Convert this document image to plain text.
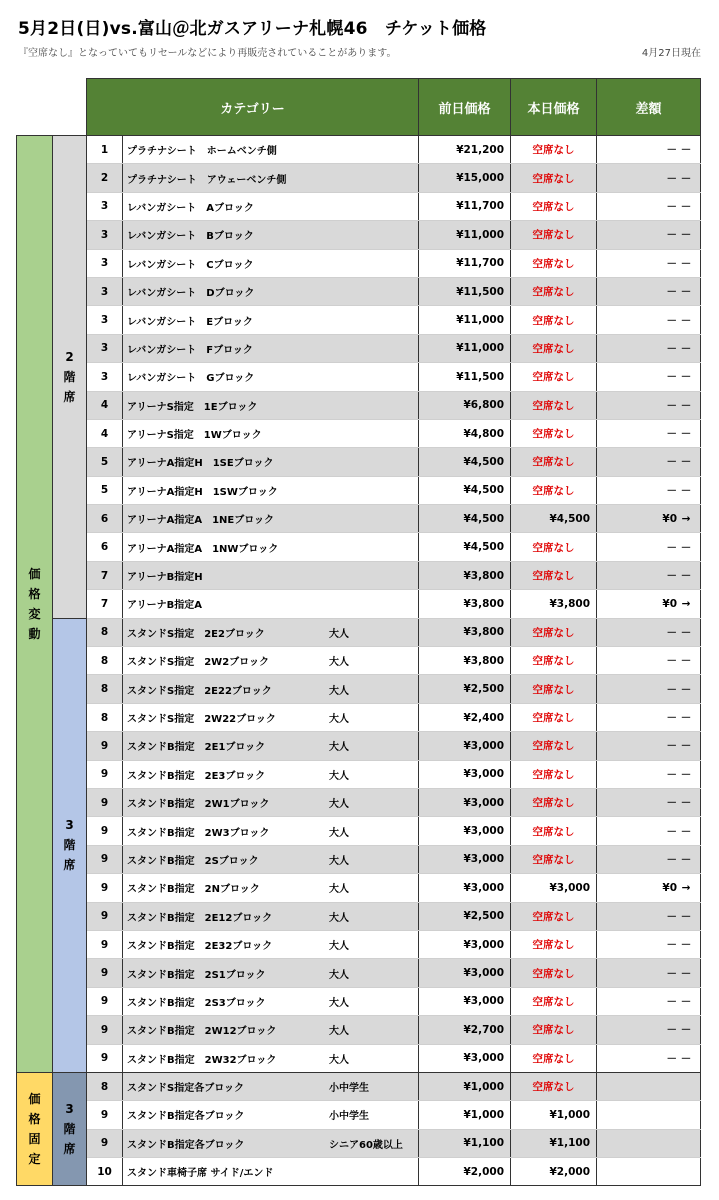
5月2日(日)vs.富山＠北ガスアリーナ札幌46　チケット価格
『空席なし』となっていてもリセールなどにより再販売されていることがあります。	4月27日現在
		カテゴリー		前日価格	本日価格	差額

価
格
変
動	2
階
席	1	プラチナシート　ホームベンチ側	¥21,200	空席なし	－ －
		2	プラチナシート　アウェーベンチ側	¥15,000	空席なし	－ －
		3	レバンガシート　Aブロック	¥11,700	空席なし	－ －
		3	レバンガシート　Bブロック	¥11,000	空席なし	－ －
		3	レバンガシート　Cブロック	¥11,700	空席なし	－ －
		3	レバンガシート　Dブロック	¥11,500	空席なし	－ －
		3	レバンガシート　Eブロック	¥11,000	空席なし	－ －
		3	レバンガシート　Fブロック	¥11,000	空席なし	－ －
		3	レバンガシート　Gブロック	¥11,500	空席なし	－ －
		4	アリーナS指定　1Eブロック	¥6,800	空席なし	－ －
		4	アリーナS指定　1Wブロック	¥4,800	空席なし	－ －
		5	アリーナA指定H　1SEブロック	¥4,500	空席なし	－ －
		5	アリーナA指定H　1SWブロック	¥4,500	空席なし	－ －
		6	アリーナA指定A　1NEブロック	¥4,500	¥4,500	¥0 →
		6	アリーナA指定A　1NWブロック	¥4,500	空席なし	－ －
		7	アリーナB指定H	¥3,800	空席なし	－ －
		7	アリーナB指定A	¥3,800	¥3,800	¥0 →

	3
階
席	8	スタンドS指定　2E2ブロック 大人	¥3,800	空席なし	－ －
		8	スタンドS指定　2W2ブロック 大人	¥3,800	空席なし	－ －
		8	スタンドS指定　2E22ブロック 大人	¥2,500	空席なし	－ －
		8	スタンドS指定　2W22ブロック 大人	¥2,400	空席なし	－ －
		9	スタンドB指定　2E1ブロック 大人	¥3,000	空席なし	－ －
		9	スタンドB指定　2E3ブロック 大人	¥3,000	空席なし	－ －
		9	スタンドB指定　2W1ブロック 大人	¥3,000	空席なし	－ －
		9	スタンドB指定　2W3ブロック 大人	¥3,000	空席なし	－ －
		9	スタンドB指定　2Sブロック 大人	¥3,000	空席なし	－ －
		9	スタンドB指定　2Nブロック 大人	¥3,000	¥3,000	¥0 →
		9	スタンドB指定　2E12ブロック 大人	¥2,500	空席なし	－ －
		9	スタンドB指定　2E32ブロック 大人	¥3,000	空席なし	－ －
		9	スタンドB指定　2S1ブロック 大人	¥3,000	空席なし	－ －
		9	スタンドB指定　2S3ブロック 大人	¥3,000	空席なし	－ －
		9	スタンドB指定　2W12ブロック 大人	¥2,700	空席なし	－ －
		9	スタンドB指定　2W32ブロック 大人	¥3,000	空席なし	－ －

価
格
固
定	3
階
席	8	スタンドS指定各ブロック 小中学生	¥1,000	空席なし	
		9	スタンドB指定各ブロック 小中学生	¥1,000	¥1,000	
		9	スタンドB指定各ブロック シニア60歳以上	¥1,100	¥1,100	
		10	スタンド車椅子席 サイド/エンド	¥2,000	¥2,000	
